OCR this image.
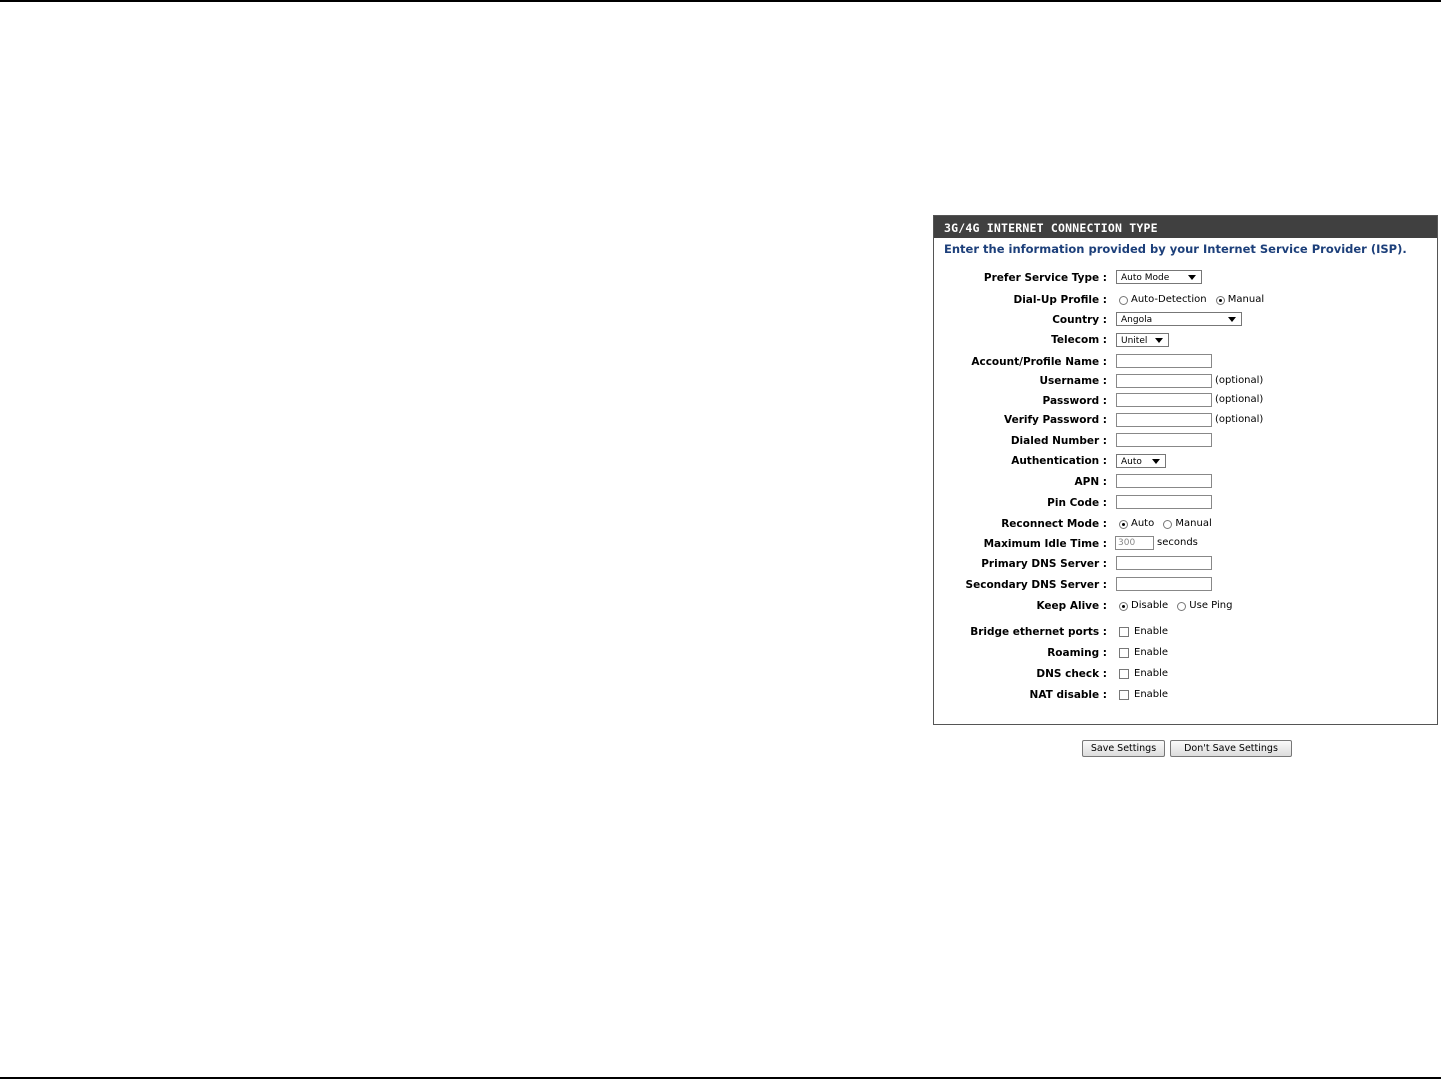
3G/4G INTERNET CONNECTION TYPE
Enter the information provided by your Internet Service Provider (ISP).
Prefer Service Type :	Auto Mode
Dial-Up Profile :	Auto-Detection Manual
Country :	Angola
Telecom :	Unitel
Account/Profile Name :
Username :	(optional)
Password :	(optional)
Verify Password :	(optional)
Dialed Number :
Authentication :	Auto
APN :
Pin Code :
Reconnect Mode :	Auto Manual
Maximum Idle Time :	300	seconds
Primary DNS Server :
Secondary DNS Server :
Keep Alive :	Disable Use Ping
Bridge ethernet ports :	Enable
Roaming :	Enable
DNS check :	Enable
NAT disable :	Enable
Save Settings	Don't Save Settings
